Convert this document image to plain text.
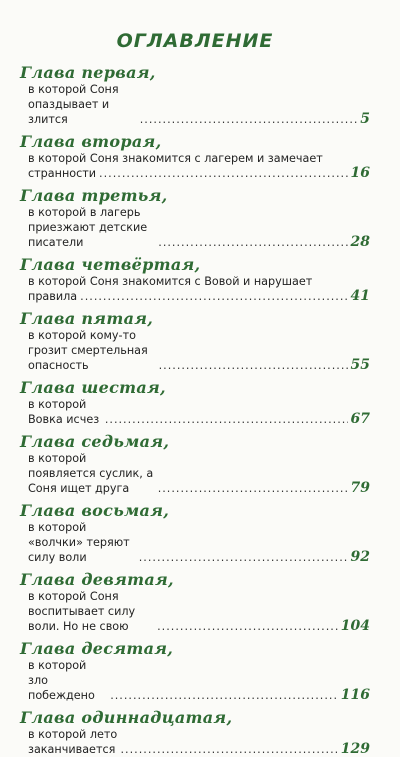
ОГЛАВЛЕНИЕ
Глава первая,
в которой Соня опаздывает и злится .....	5
Глава вторая,
в которой Соня знакомится с лагерем и замечает
странности .....	16
Глава третья,
в которой в лагерь приезжают детские писатели .....	28
Глава четвёртая,
в которой Соня знакомится с Вовой и нарушает
правила .....	41
Глава пятая,
в которой кому-то грозит смертельная опасность .....	55
Глава шестая,
в которой Вовка исчез .....	67
Глава седьмая,
в которой появляется суслик, а Соня ищет друга .....	79
Глава восьмая,
в которой «волчки» теряют силу воли .....	92
Глава девятая,
в которой Соня воспитывает силу воли. Но не свою .....	104
Глава десятая,
в которой зло побеждено .....	116
Глава одиннадцатая,
в которой лето заканчивается .....	129
